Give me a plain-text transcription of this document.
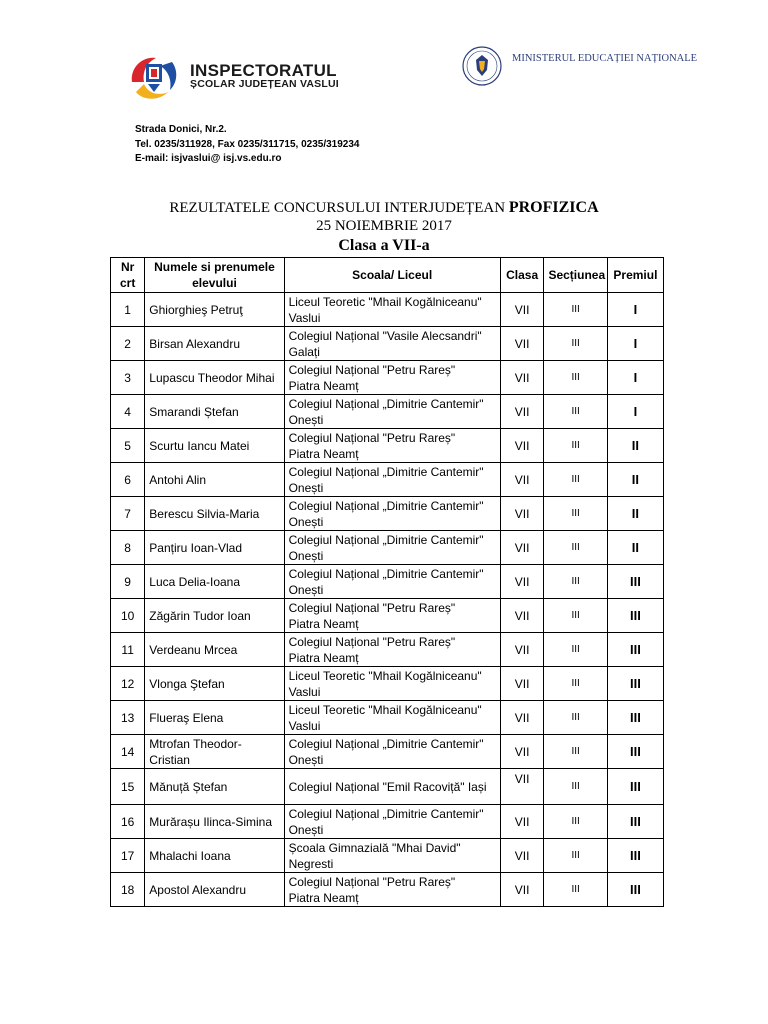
INSPECTORATUL
ȘCOLAR JUDEȚEAN VASLUI
MINISTERUL EDUCAȚIEI NAȚIONALE
Strada Donici, Nr.2.
Tel. 0235/311928, Fax 0235/311715, 0235/319234
E-mail: isjvaslui@ isj.vs.edu.ro
REZULTATELE CONCURSULUI INTERJUDEȚEAN PROFIZICA
25 NOIEMBRIE 2017
Clasa a VII-a
Nr crt	Numele si prenumele elevului	Scoala/ Liceul	Clasa	Secțiunea	Premiul
1	Ghiorghieş Petruţ	Liceul Teoretic "Mhail Kogălniceanu"
Vaslui	VII	III	I
2	Birsan Alexandru	Colegiul Național "Vasile Alecsandri"
Galați	VII	III	I
3	Lupascu Theodor Mihai	Colegiul Național "Petru Rareș"
Piatra Neamț	VII	III	I
4	Smarandi Ștefan	Colegiul Național „Dimitrie Cantemir"
Onești	VII	III	I
5	Scurtu Iancu Matei	Colegiul Național "Petru Rareș"
Piatra Neamț	VII	III	II
6	Antohi Alin	Colegiul Național „Dimitrie Cantemir"
Onești	VII	III	II
7	Berescu Silvia-Maria	Colegiul Național „Dimitrie Cantemir"
Onești	VII	III	II
8	Panțiru Ioan-Vlad	Colegiul Național „Dimitrie Cantemir"
Onești	VII	III	II
9	Luca Delia-Ioana	Colegiul Național „Dimitrie Cantemir"
Onești	VII	III	III
10	Zăgărin Tudor Ioan	Colegiul Național "Petru Rareș"
Piatra Neamț	VII	III	III
11	Verdeanu Mrcea	Colegiul Național "Petru Rareș"
Piatra Neamț	VII	III	III
12	Vlonga Ştefan	Liceul Teoretic "Mhail Kogălniceanu"
Vaslui	VII	III	III
13	Flueraş Elena	Liceul Teoretic "Mhail Kogălniceanu"
Vaslui	VII	III	III
14	Mtrofan Theodor-Cristian	Colegiul Național „Dimitrie Cantemir"
Onești	VII	III	III
15	Mănuță Ștefan	Colegiul Național "Emil Racoviță" Iași	VII	III	III
16	Murărașu Ilinca-Simina	Colegiul Național „Dimitrie Cantemir"
Onești	VII	III	III
17	Mhalachi Ioana	Școala Gimnazială "Mhai David"
Negresti	VII	III	III
18	Apostol Alexandru	Colegiul Național "Petru Rareș"
Piatra Neamț	VII	III	III
